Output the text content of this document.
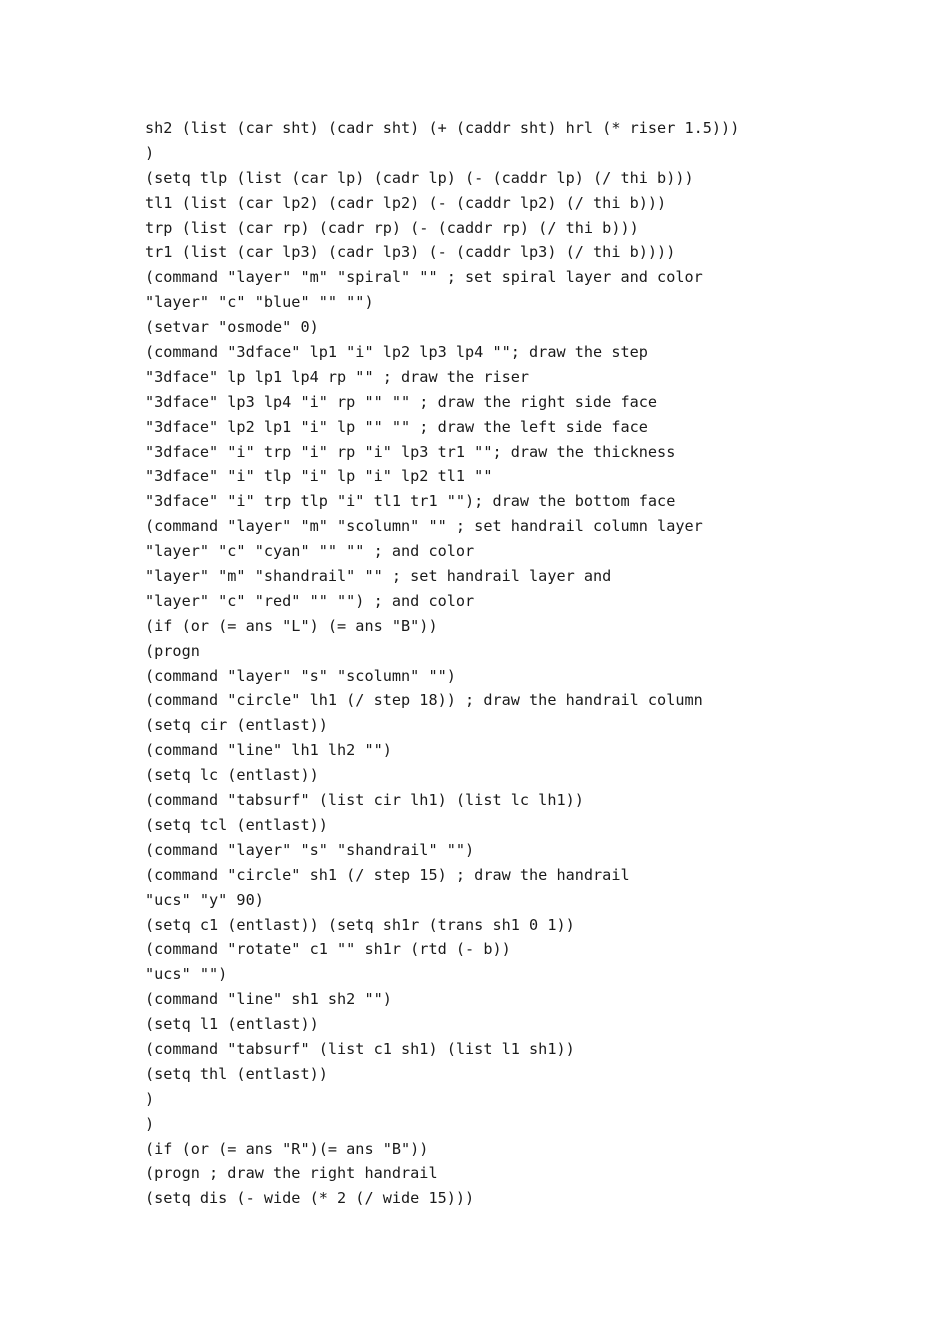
sh2 (list (car sht) (cadr sht) (+ (caddr sht) hrl (* riser 1.5)))
)
(setq tlp (list (car lp) (cadr lp) (- (caddr lp) (/ thi b)))
tl1 (list (car lp2) (cadr lp2) (- (caddr lp2) (/ thi b)))
trp (list (car rp) (cadr rp) (- (caddr rp) (/ thi b)))
tr1 (list (car lp3) (cadr lp3) (- (caddr lp3) (/ thi b))))
(command "layer" "m" "spiral" "" ; set spiral layer and color
"layer" "c" "blue" "" "")
(setvar "osmode" 0)
(command "3dface" lp1 "i" lp2 lp3 lp4 ""; draw the step
"3dface" lp lp1 lp4 rp "" ; draw the riser
"3dface" lp3 lp4 "i" rp "" "" ; draw the right side face
"3dface" lp2 lp1 "i" lp "" "" ; draw the left side face
"3dface" "i" trp "i" rp "i" lp3 tr1 ""; draw the thickness
"3dface" "i" tlp "i" lp "i" lp2 tl1 ""
"3dface" "i" trp tlp "i" tl1 tr1 ""); draw the bottom face
(command "layer" "m" "scolumn" "" ; set handrail column layer
"layer" "c" "cyan" "" "" ; and color
"layer" "m" "shandrail" "" ; set handrail layer and
"layer" "c" "red" "" "") ; and color
(if (or (= ans "L") (= ans "B"))
(progn
(command "layer" "s" "scolumn" "")
(command "circle" lh1 (/ step 18)) ; draw the handrail column
(setq cir (entlast))
(command "line" lh1 lh2 "")
(setq lc (entlast))
(command "tabsurf" (list cir lh1) (list lc lh1))
(setq tcl (entlast))
(command "layer" "s" "shandrail" "")
(command "circle" sh1 (/ step 15) ; draw the handrail
"ucs" "y" 90)
(setq c1 (entlast)) (setq sh1r (trans sh1 0 1))
(command "rotate" c1 "" sh1r (rtd (- b))
"ucs" "")
(command "line" sh1 sh2 "")
(setq l1 (entlast))
(command "tabsurf" (list c1 sh1) (list l1 sh1))
(setq thl (entlast))
)
)
(if (or (= ans "R")(= ans "B"))
(progn ; draw the right handrail
(setq dis (- wide (* 2 (/ wide 15)))
